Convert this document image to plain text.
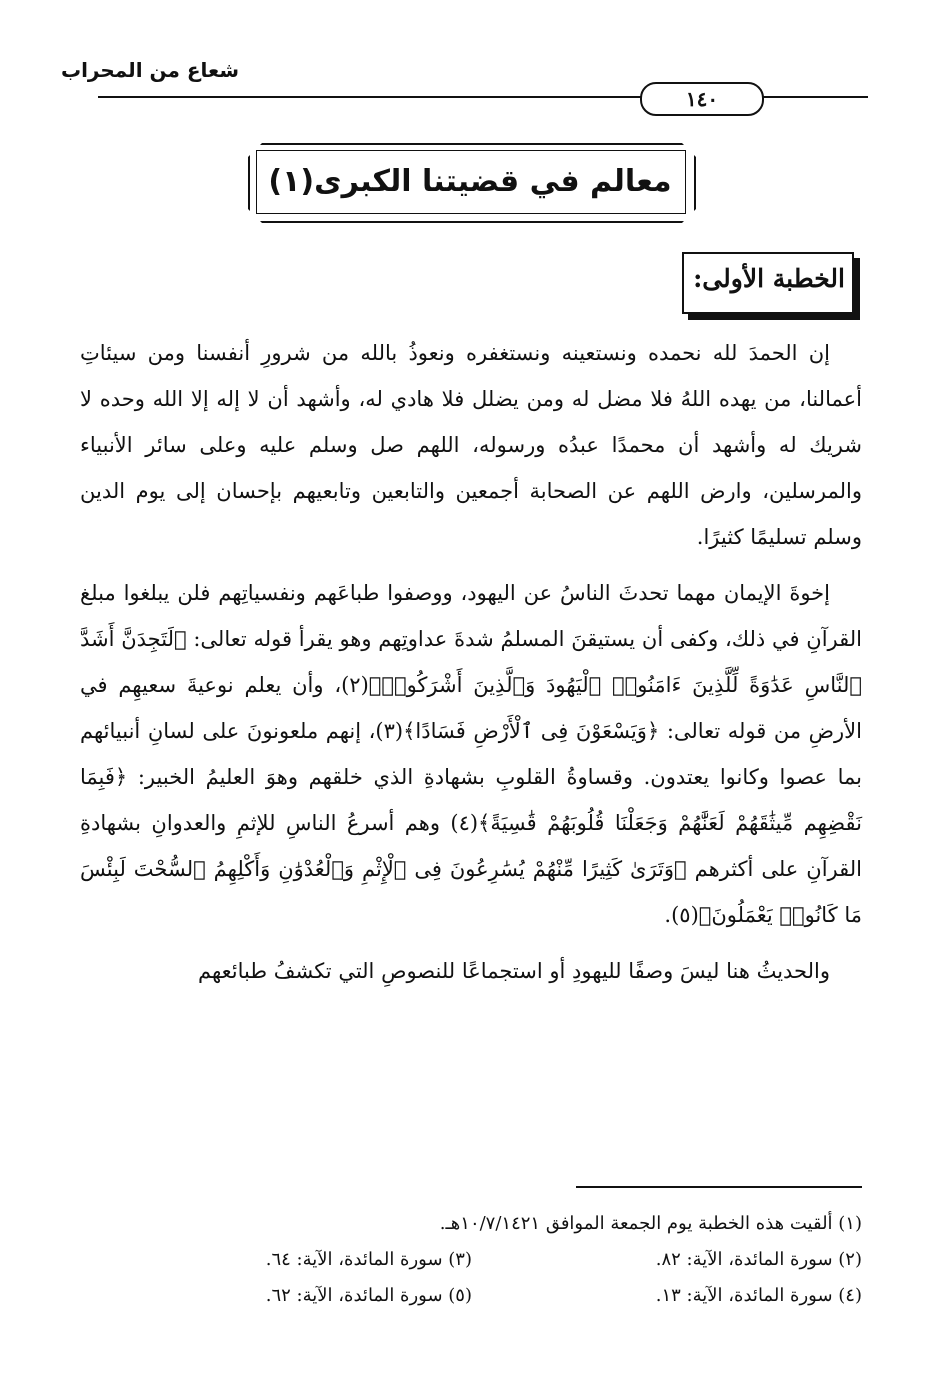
شعاع من المحراب
١٤٠
معالم في قضيتنا الكبرى(١)
الخطبة الأولى:

إن الحمدَ لله نحمده ونستعينه ونستغفره ونعوذُ بالله من شرورِ أنفسنا ومن سيئاتِ أعمالنا، من يهده اللهُ فلا مضل له ومن يضلل فلا هادي له، وأشهد أن لا إله إلا الله وحده لا شريك له وأشهد أن محمدًا عبدُه ورسوله، اللهم صل وسلم عليه وعلى سائر الأنبياء والمرسلين، وارض اللهم عن الصحابة أجمعين والتابعين وتابعيهم بإحسان إلى يوم الدين وسلم تسليمًا كثيرًا.

إخوةَ الإيمان مهما تحدثَ الناسُ عن اليهود، ووصفوا طباعَهم ونفسياتِهم فلن يبلغوا مبلغ القرآنِ في ذلك، وكفى أن يستيقنَ المسلمُ شدةَ عداوتِهم وهو يقرأ قوله تعالى: ﴿لَتَجِدَنَّ أَشَدَّ ٱلنَّاسِ عَدَٰوَةً لِّلَّذِينَ ءَامَنُوا۟ ٱلْيَهُودَ وَٱلَّذِينَ أَشْرَكُوا۟﴾(٢)، وأن يعلم نوعيةَ سعيهِم في الأرضِ من قوله تعالى: ﴿وَيَسْعَوْنَ فِى ٱلْأَرْضِ فَسَادًا﴾(٣)، إنهم ملعونونَ على لسانِ أنبيائهم بما عصوا وكانوا يعتدون. وقساوةُ القلوبِ بشهادةِ الذي خلقهم وهوَ العليمُ الخبير: ﴿فَبِمَا نَقْضِهِم مِّيثَٰقَهُمْ لَعَنَّٰهُمْ وَجَعَلْنَا قُلُوبَهُمْ قَٰسِيَةً﴾(٤) وهم أسرعُ الناسِ للإثمِ والعدوانِ بشهادةِ القرآنِ على أكثرهم ﴿وَتَرَىٰ كَثِيرًا مِّنْهُمْ يُسَٰرِعُونَ فِى ٱلْإِثْمِ وَٱلْعُدْوَٰنِ وَأَكْلِهِمُ ٱلسُّحْتَ لَبِئْسَ مَا كَانُوا۟ يَعْمَلُونَ﴾(٥).

والحديثُ هنا ليسَ وصفًا لليهودِ أو استجماعًا للنصوصِ التي تكشفُ طبائعهم

(١) ألقيت هذه الخطبة يوم الجمعة الموافق ١٠/٧/١٤٢١هـ.
(٢) سورة المائدة، الآية: ٨٢.
(٣) سورة المائدة، الآية: ٦٤.
(٤) سورة المائدة، الآية: ١٣.
(٥) سورة المائدة، الآية: ٦٢.
